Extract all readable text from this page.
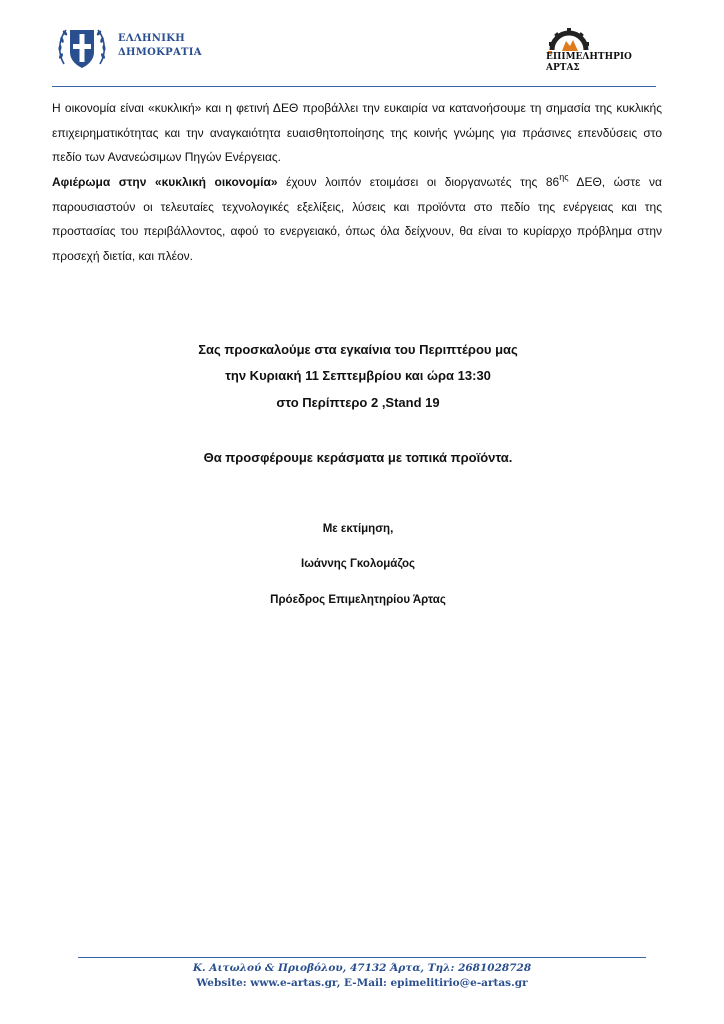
ΕΛΛΗΝΙΚΗ
ΔΗΜΟΚΡΑΤΙΑ	ΕΠΙΜΕΛΗΤΗΡΙΟ
ΑΡΤΑΣ
Η οικονομία είναι «κυκλική» και η φετινή ΔΕΘ προβάλλει την ευκαιρία να κατανοήσουμε τη σημασία της κυκλικής επιχειρηματικότητας και την αναγκαιότητα ευαισθητοποίησης της κοινής γνώμης για πράσινες επενδύσεις στο πεδίο των Ανανεώσιμων Πηγών Ενέργειας.
Αφιέρωμα στην «κυκλική οικονομία» έχουν λοιπόν ετοιμάσει οι διοργανωτές της $86^{\eta\varsigma}$ ΔΕΘ, ώστε να παρουσιαστούν οι τελευταίες τεχνολογικές εξελίξεις, λύσεις και προϊόντα στο πεδίο της ενέργειας και της προστασίας του περιβάλλοντος, αφού το ενεργειακό, όπως όλα δείχνουν, θα είναι το κυρίαρχο πρόβλημα στην προσεχή διετία, και πλέον.
Σας προσκαλούμε στα εγκαίνια του Περιπτέρου μας
την Κυριακή 11 Σεπτεμβρίου και ώρα 13:30
στο Περίπτερο 2 ,Stand 19
Θα προσφέρουμε κεράσματα με τοπικά προϊόντα.
Με εκτίμηση,
Ιωάννης Γκολομάζος
Πρόεδρος Επιμελητηρίου Άρτας
Κ. Αιτωλού & Πριοβόλου, 47132 Άρτα, Τηλ: 2681028728
Website: www.e-artas.gr, E-Mail: epimelitirio@e-artas.gr
